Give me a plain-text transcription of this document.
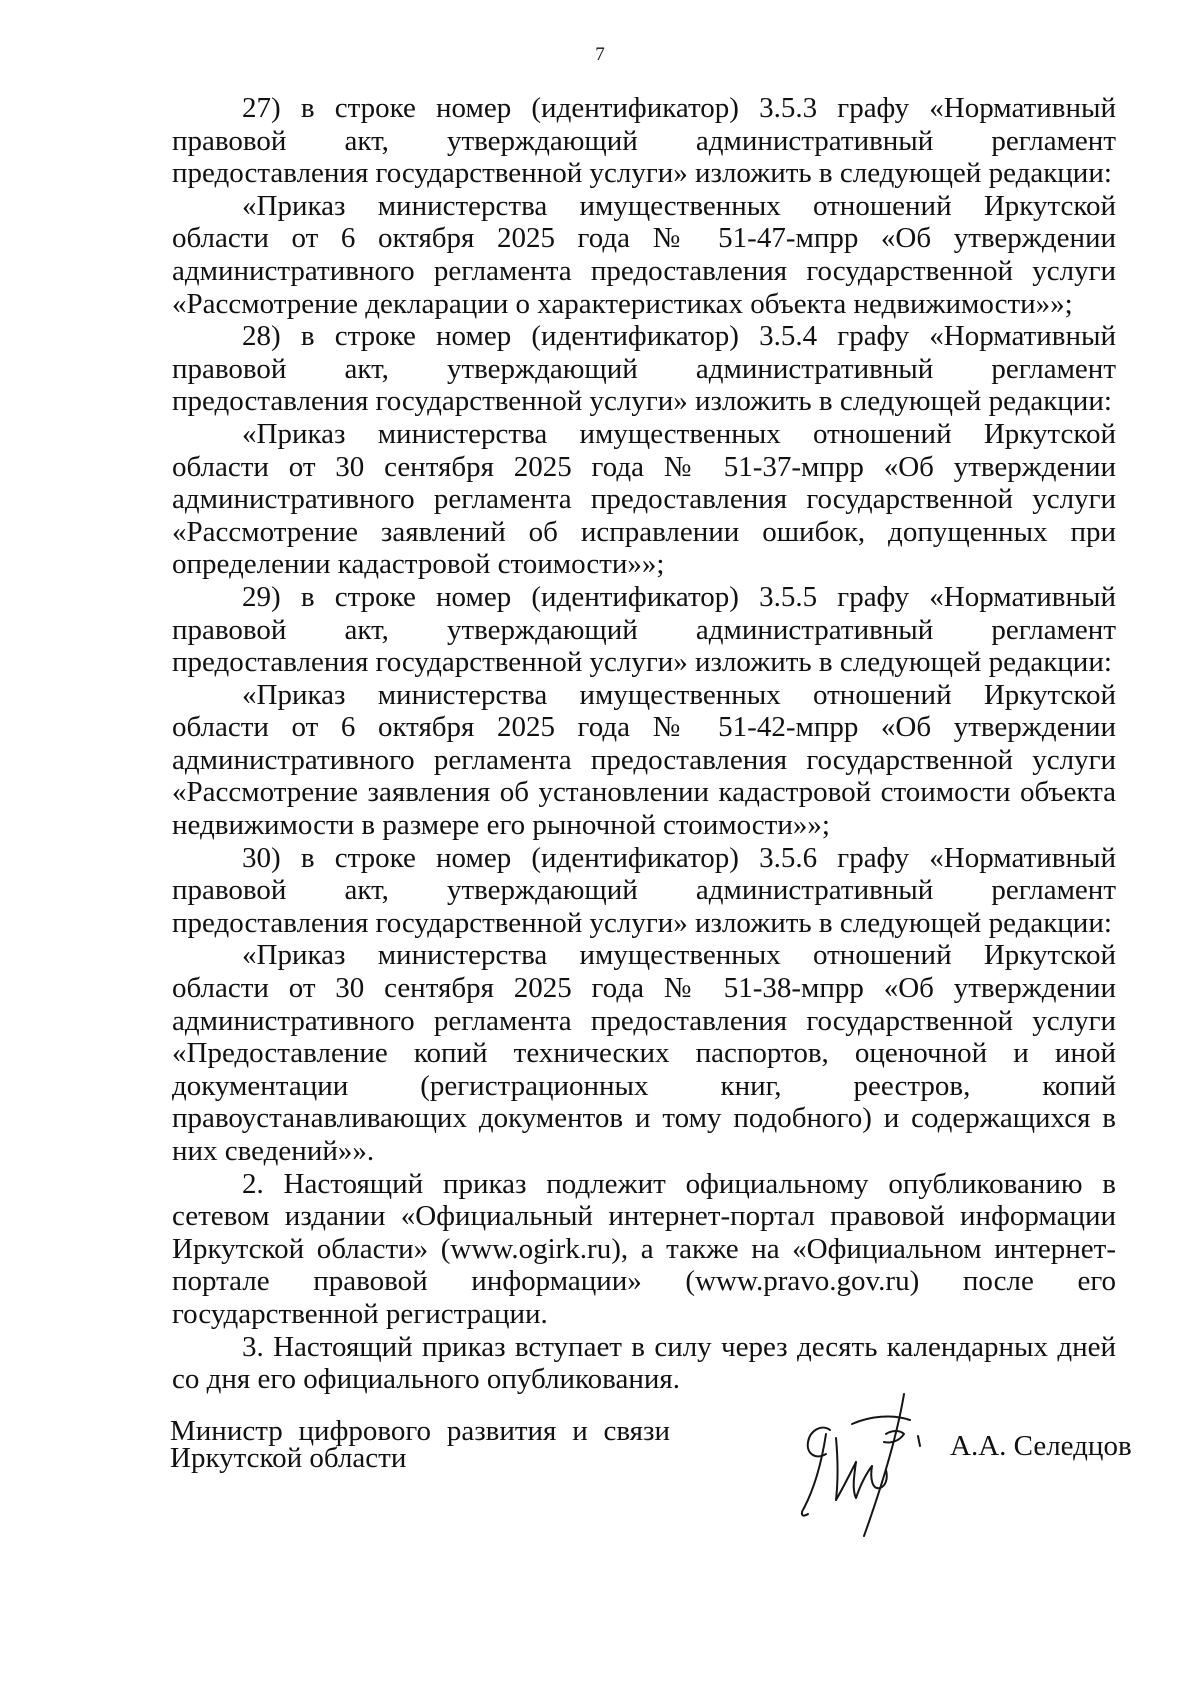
7

27) в строке номер (идентификатор) 3.5.3 графу «Нормативный правовой акт, утверждающий административный регламент предоставления государственной услуги» изложить в следующей редакции:

«Приказ министерства имущественных отношений Иркутской области от 6 октября 2025 года № 51-47-мпрр «Об утверждении административного регламента предоставления государственной услуги «Рассмотрение декларации о характеристиках объекта недвижимости»»;

28) в строке номер (идентификатор) 3.5.4 графу «Нормативный правовой акт, утверждающий административный регламент предоставления государственной услуги» изложить в следующей редакции:

«Приказ министерства имущественных отношений Иркутской области от 30 сентября 2025 года № 51-37-мпрр «Об утверждении административного регламента предоставления государственной услуги «Рассмотрение заявлений об исправлении ошибок, допущенных при определении кадастровой стоимости»»;

29) в строке номер (идентификатор) 3.5.5 графу «Нормативный правовой акт, утверждающий административный регламент предоставления государственной услуги» изложить в следующей редакции:

«Приказ министерства имущественных отношений Иркутской области от 6 октября 2025 года № 51-42-мпрр «Об утверждении административного регламента предоставления государственной услуги «Рассмотрение заявления об установлении кадастровой стоимости объекта недвижимости в размере его рыночной стоимости»»;

30) в строке номер (идентификатор) 3.5.6 графу «Нормативный правовой акт, утверждающий административный регламент предоставления государственной услуги» изложить в следующей редакции:

«Приказ министерства имущественных отношений Иркутской области от 30 сентября 2025 года № 51-38-мпрр «Об утверждении административного регламента предоставления государственной услуги «Предоставление копий технических паспортов, оценочной и иной документации (регистрационных книг, реестров, копий правоустанавливающих документов и тому подобного) и содержащихся в них сведений»».

2. Настоящий приказ подлежит официальному опубликованию в сетевом издании «Официальный интернет-портал правовой информации Иркутской области» (www.ogirk.ru), а также на «Официальном интернет-портале правовой информации» (www.pravo.gov.ru) после его государственной регистрации.

3. Настоящий приказ вступает в силу через десять календарных дней со дня его официального опубликования.

Министр цифрового развития и связи
Иркутской области	А.А. Селедцов
